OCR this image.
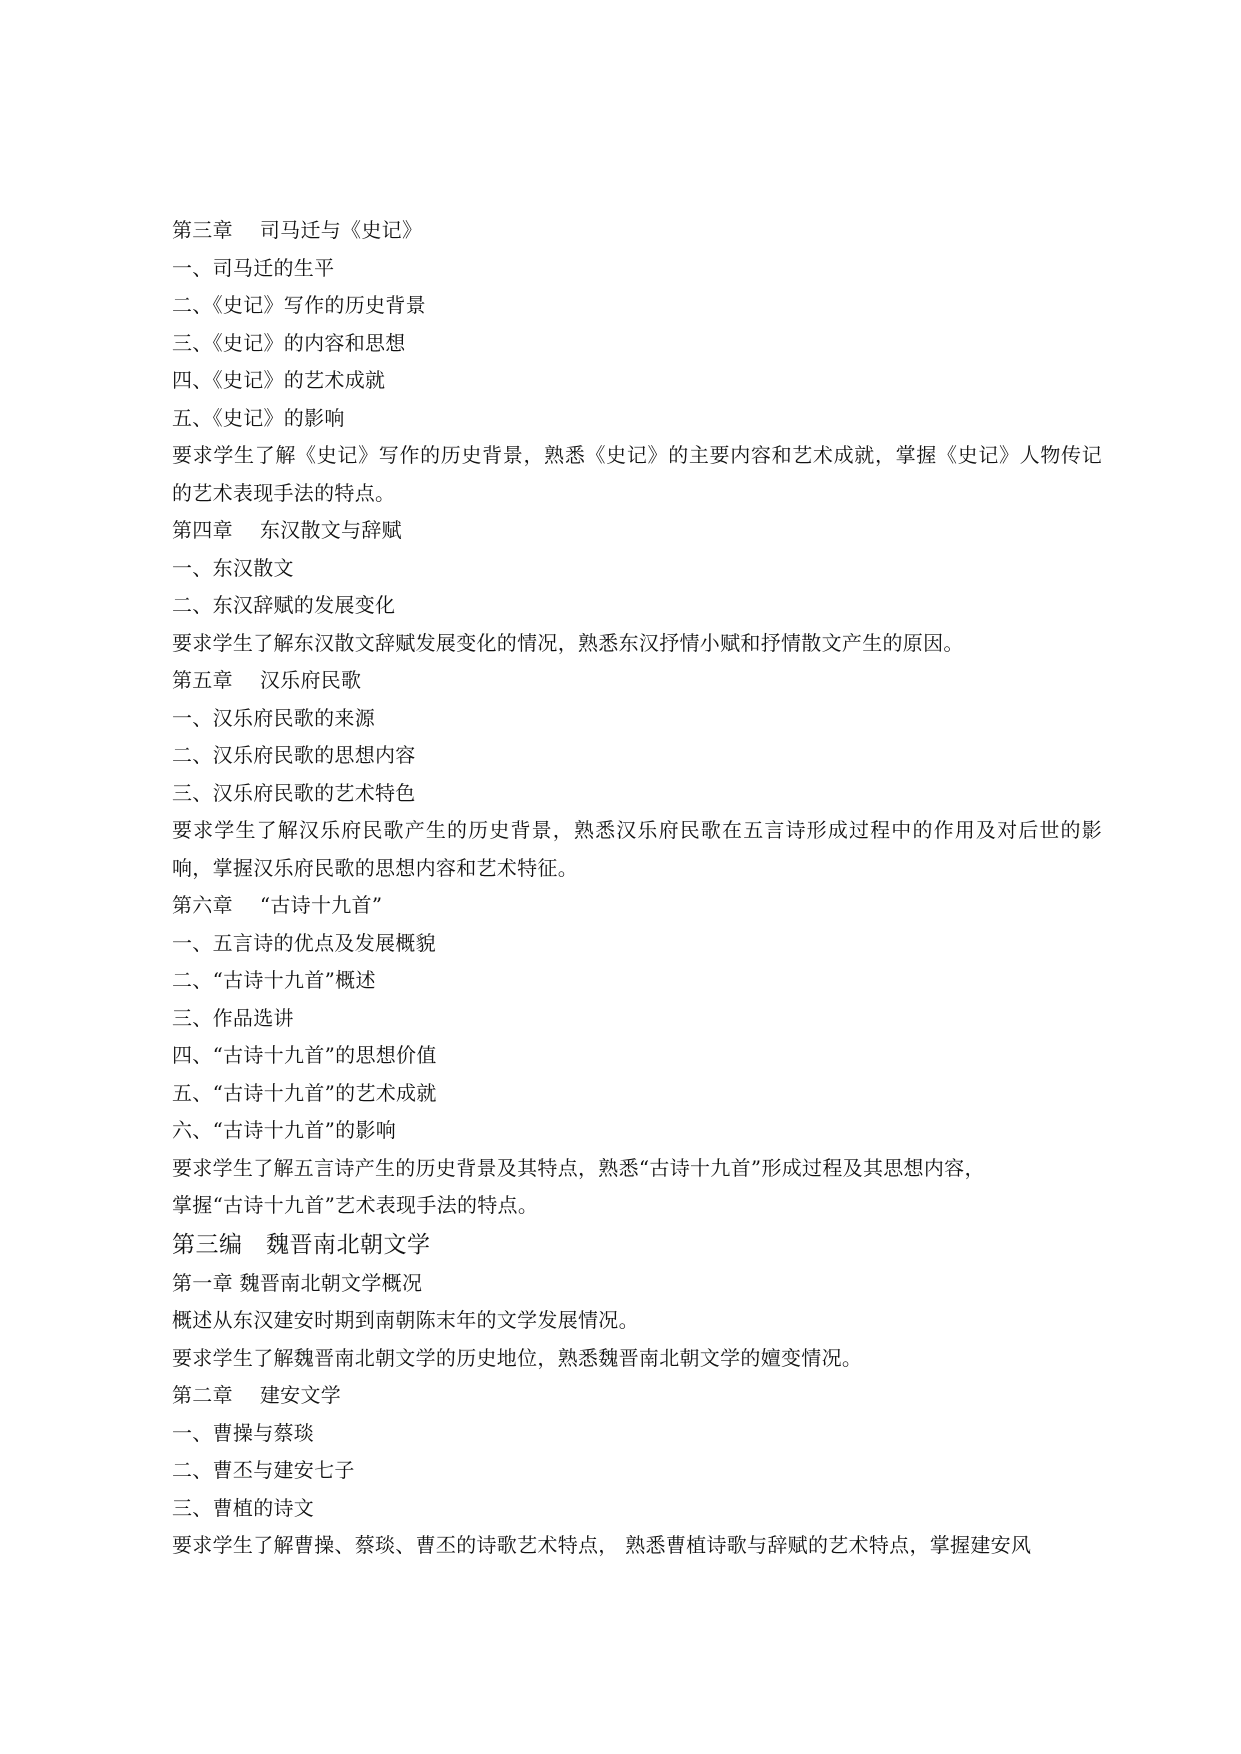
第三章　 司马迁与《史记》
一、司马迁的生平
二、《史记》写作的历史背景
三、《史记》的内容和思想
四、《史记》的艺术成就
五、《史记》的影响
要求学生了解《史记》写作的历史背景，熟悉《史记》的主要内容和艺术成就，掌握《史记》人物传记的艺术表现手法的特点。
第四章　 东汉散文与辞赋
一、东汉散文
二、东汉辞赋的发展变化
要求学生了解东汉散文辞赋发展变化的情况，熟悉东汉抒情小赋和抒情散文产生的原因。
第五章　 汉乐府民歌
一、汉乐府民歌的来源
二、汉乐府民歌的思想内容
三、汉乐府民歌的艺术特色
要求学生了解汉乐府民歌产生的历史背景，熟悉汉乐府民歌在五言诗形成过程中的作用及对后世的影响，掌握汉乐府民歌的思想内容和艺术特征。
第六章　 “古诗十九首”
一、五言诗的优点及发展概貌
二、“古诗十九首”概述
三、作品选讲
四、“古诗十九首”的思想价值
五、“古诗十九首”的艺术成就
六、“古诗十九首”的影响
要求学生了解五言诗产生的历史背景及其特点，熟悉“古诗十九首”形成过程及其思想内容，
掌握“古诗十九首”艺术表现手法的特点。
第三编　魏晋南北朝文学
第一章 魏晋南北朝文学概况
概述从东汉建安时期到南朝陈末年的文学发展情况。
要求学生了解魏晋南北朝文学的历史地位，熟悉魏晋南北朝文学的嬗变情况。
第二章　 建安文学
一、曹操与蔡琰
二、曹丕与建安七子
三、曹植的诗文
要求学生了解曹操、蔡琰、曹丕的诗歌艺术特点， 熟悉曹植诗歌与辞赋的艺术特点，掌握建安风
